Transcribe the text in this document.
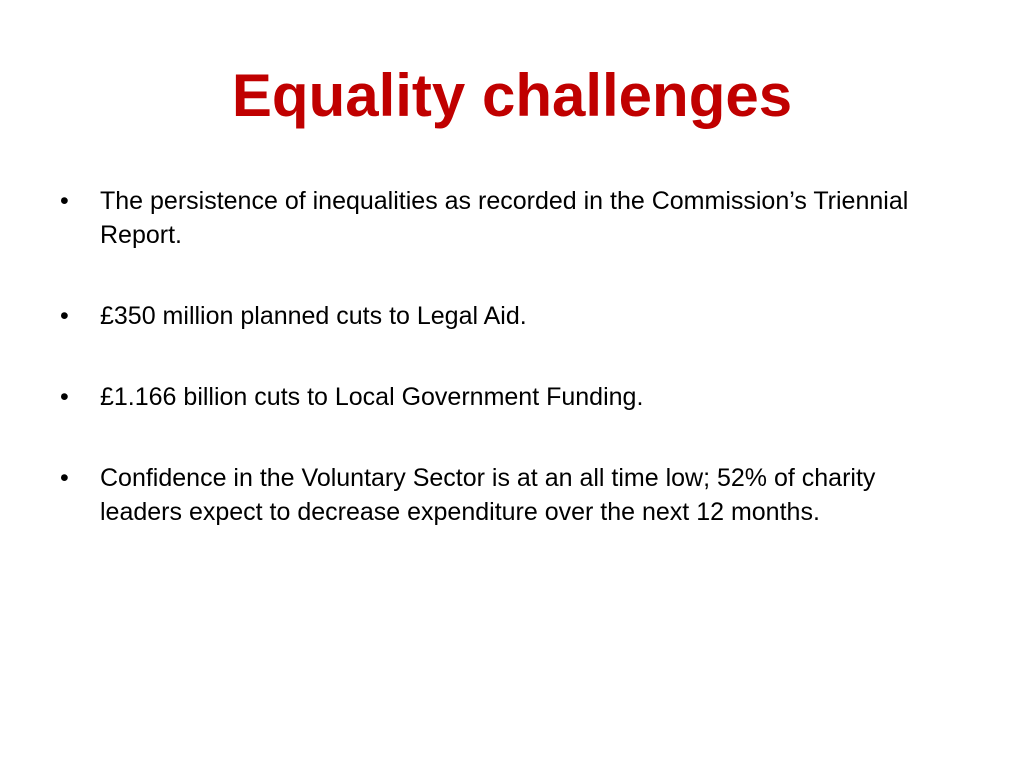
Equality challenges
•	The persistence of inequalities as recorded in the Commission’s Triennial Report.
•	£350 million planned cuts to Legal Aid.
•	£1.166 billion cuts to Local Government Funding.
•	Confidence in the Voluntary Sector is at an all time low; 52% of charity leaders expect to decrease expenditure over the next 12 months.
